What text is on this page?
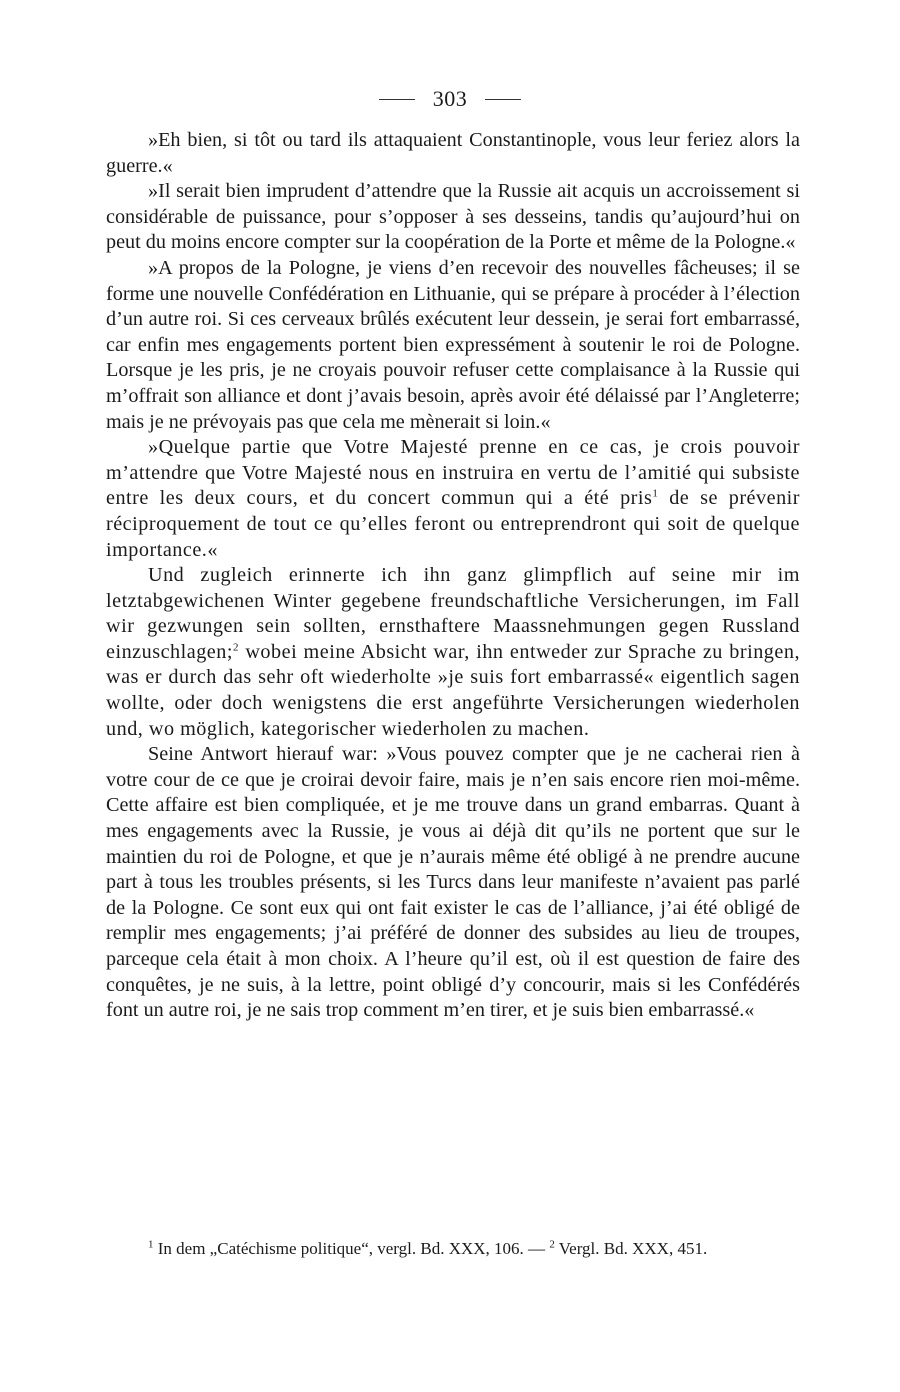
303

»Eh bien, si tôt ou tard ils attaquaient Constantinople, vous leur feriez alors la guerre.«

»Il serait bien imprudent d’attendre que la Russie ait acquis un accroissement si considérable de puissance, pour s’opposer à ses desseins, tandis qu’aujourd’hui on peut du moins encore compter sur la coopération de la Porte et même de la Pologne.«

»A propos de la Pologne, je viens d’en recevoir des nouvelles fâcheuses; il se forme une nouvelle Confédération en Lithuanie, qui se prépare à procéder à l’élection d’un autre roi. Si ces cerveaux brûlés exécutent leur dessein, je serai fort embarrassé, car enfin mes engagements portent bien expressément à soutenir le roi de Pologne. Lorsque je les pris, je ne croyais pouvoir refuser cette complaisance à la Russie qui m’offrait son alliance et dont j’avais besoin, après avoir été délaissé par l’Angleterre; mais je ne prévoyais pas que cela me mènerait si loin.«

»Quelque partie que Votre Majesté prenne en ce cas, je crois pouvoir m’attendre que Votre Majesté nous en instruira en vertu de l’amitié qui subsiste entre les deux cours, et du concert commun qui a été pris$^1$ de se prévenir réciproquement de tout ce qu’elles feront ou entreprendront qui soit de quelque importance.«

Und zugleich erinnerte ich ihn ganz glimpflich auf seine mir im letztabgewichenen Winter gegebene freundschaftliche Versicherungen, im Fall wir gezwungen sein sollten, ernsthaftere Maassnehmungen gegen Russland einzuschlagen;$^2$ wobei meine Absicht war, ihn entweder zur Sprache zu bringen, was er durch das sehr oft wiederholte »je suis fort embarrassé« eigentlich sagen wollte, oder doch wenigstens die erst angeführte Versicherungen wiederholen und, wo möglich, kategorischer wiederholen zu machen.

Seine Antwort hierauf war: »Vous pouvez compter que je ne cacherai rien à votre cour de ce que je croirai devoir faire, mais je n’en sais encore rien moi-même. Cette affaire est bien compliquée, et je me trouve dans un grand embarras. Quant à mes engagements avec la Russie, je vous ai déjà dit qu’ils ne portent que sur le maintien du roi de Pologne, et que je n’aurais même été obligé à ne prendre aucune part à tous les troubles présents, si les Turcs dans leur manifeste n’avaient pas parlé de la Pologne. Ce sont eux qui ont fait exister le cas de l’alliance, j’ai été obligé de remplir mes engagements; j’ai préféré de donner des subsides au lieu de troupes, parceque cela était à mon choix. A l’heure qu’il est, où il est question de faire des conquêtes, je ne suis, à la lettre, point obligé d’y concourir, mais si les Confédérés font un autre roi, je ne sais trop comment m’en tirer, et je suis bien embarrassé.«

$^1$ In dem „Catéchisme politique“, vergl. Bd. XXX, 106. — $^2$ Vergl. Bd. XXX, 451.
